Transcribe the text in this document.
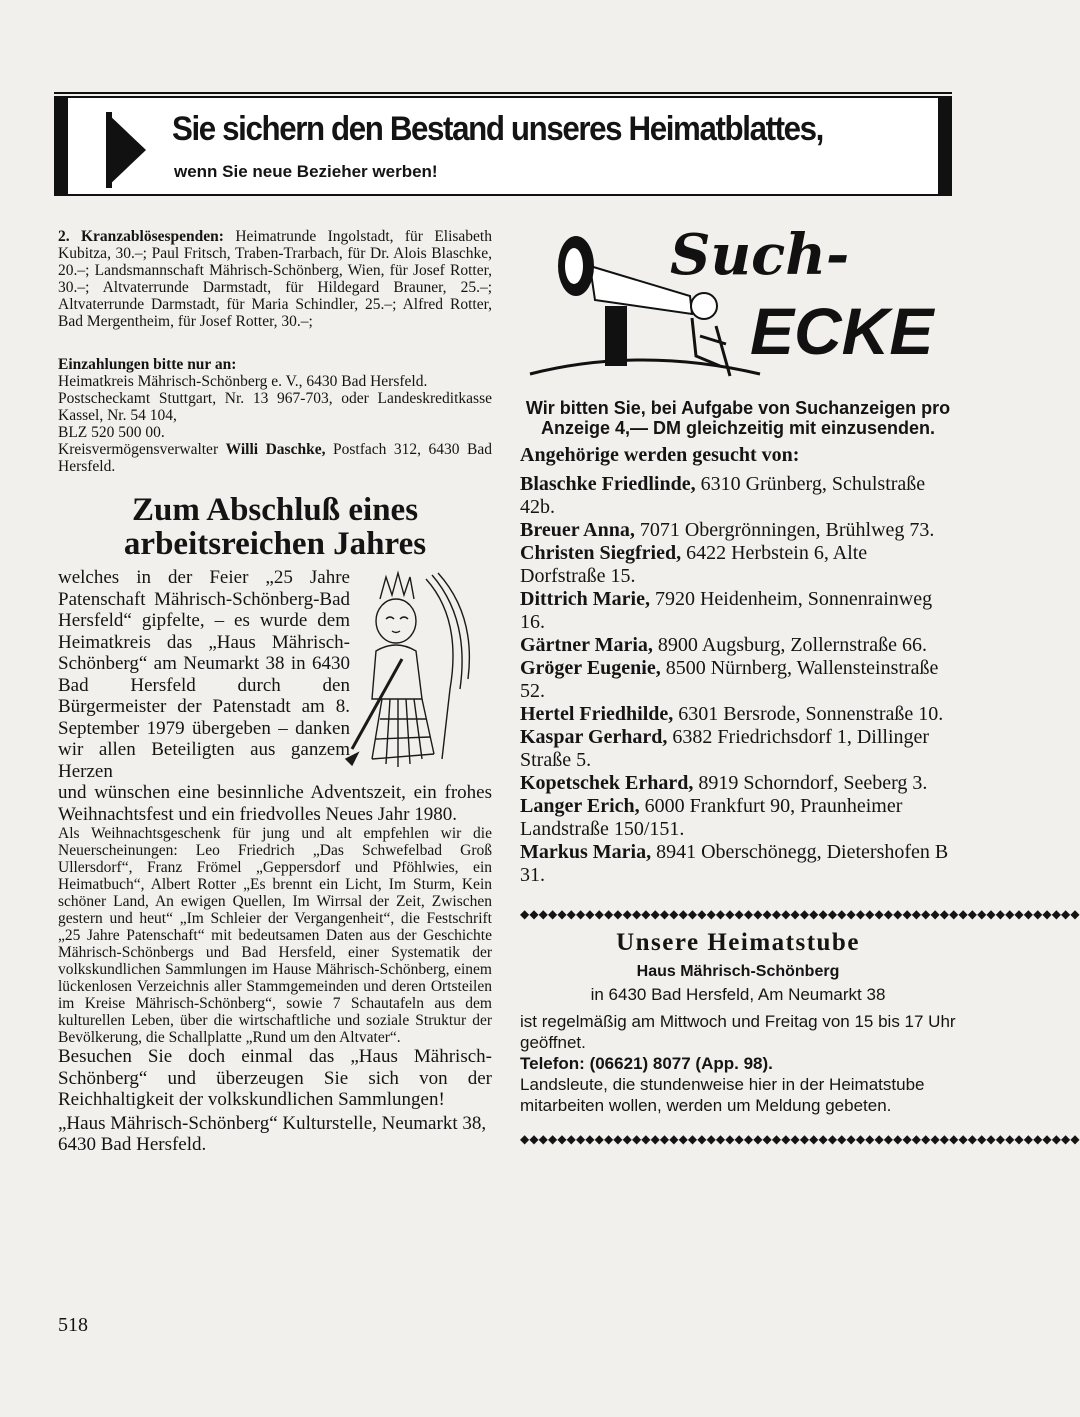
Sie sichern den Bestand unseres Heimatblattes,
wenn Sie neue Bezieher werben!

2. Kranzablösespenden: Heimatrunde Ingolstadt, für Elisabeth Kubitza, 30.–; Paul Fritsch, Traben-Trarbach, für Dr. Alois Blaschke, 20.–; Landsmannschaft Mährisch-Schönberg, Wien, für Josef Rotter, 30.–; Altvaterrunde Darmstadt, für Hildegard Brauner, 25.–; Altvaterrunde Darmstadt, für Maria Schindler, 25.–; Alfred Rotter, Bad Mergentheim, für Josef Rotter, 30.–;

Einzahlungen bitte nur an:
Heimatkreis Mährisch-Schönberg e. V., 6430 Bad Hersfeld.
Postscheckamt Stuttgart, Nr. 13 967-703, oder Landeskreditkasse Kassel, Nr. 54 104,
BLZ 520 500 00.
Kreisvermögensverwalter Willi Daschke, Postfach 312, 6430 Bad Hersfeld.
Zum Abschluß eines
arbeitsreichen Jahres

welches in der Feier „25 Jahre Patenschaft Mährisch-Schönberg-Bad Hersfeld“ gipfelte, – es wurde dem Heimatkreis das „Haus Mährisch-Schönberg“ am Neumarkt 38 in 6430 Bad Hersfeld durch den Bürgermeister der Patenstadt am 8. September 1979 übergeben – danken wir allen Beteiligten aus ganzem Herzen

und wünschen eine besinnliche Adventszeit, ein frohes Weihnachtsfest und ein friedvolles Neues Jahr 1980.

Als Weihnachtsgeschenk für jung und alt empfehlen wir die Neuerscheinungen: Leo Friedrich „Das Schwefelbad Groß Ullersdorf“, Franz Frömel „Geppersdorf und Pföhlwies, ein Heimatbuch“, Albert Rotter „Es brennt ein Licht, Im Sturm, Kein schöner Land, An ewigen Quellen, Im Wirrsal der Zeit, Zwischen gestern und heut“ „Im Schleier der Vergangenheit“, die Festschrift „25 Jahre Patenschaft“ mit bedeutsamen Daten aus der Geschichte Mährisch-Schönbergs und Bad Hersfeld, einer Systematik der volkskundlichen Sammlungen im Hause Mährisch-Schönberg, einem lückenlosen Verzeichnis aller Stammgemeinden und deren Ortsteilen im Kreise Mährisch-Schönberg“, sowie 7 Schautafeln aus dem kulturellen Leben, über die wirtschaftliche und soziale Struktur der Bevölkerung, die Schallplatte „Rund um den Altvater“.

Besuchen Sie doch einmal das „Haus Mährisch-Schönberg“ und überzeugen Sie sich von der Reichhaltigkeit der volkskundlichen Sammlungen!

„Haus Mährisch-Schönberg“ Kulturstelle, Neumarkt 38, 6430 Bad Hersfeld.

518
Such-
ECKE

Wir bitten Sie, bei Aufgabe von Suchanzeigen pro Anzeige 4,— DM gleichzeitig mit einzusenden.

Angehörige werden gesucht von:

Blaschke Friedlinde, 6310 Grünberg, Schulstraße 42b.

Breuer Anna, 7071 Obergrönningen, Brühlweg 73.

Christen Siegfried, 6422 Herbstein 6, Alte Dorfstraße 15.

Dittrich Marie, 7920 Heidenheim, Sonnenrainweg 16.

Gärtner Maria, 8900 Augsburg, Zollernstraße 66.

Gröger Eugenie, 8500 Nürnberg, Wallensteinstraße 52.

Hertel Friedhilde, 6301 Bersrode, Sonnenstraße 10.

Kaspar Gerhard, 6382 Friedrichsdorf 1, Dillinger Straße 5.

Kopetschek Erhard, 8919 Schorndorf, Seeberg 3.

Langer Erich, 6000 Frankfurt 90, Praunheimer Landstraße 150/151.

Markus Maria, 8941 Oberschönegg, Dietershofen B 31.

◆◆◆◆◆◆◆◆◆◆◆◆◆◆◆◆◆◆◆◆◆◆◆◆◆◆◆◆◆◆◆◆◆◆◆◆◆◆◆◆◆◆◆◆◆◆◆◆◆◆◆◆◆◆◆◆◆◆◆◆
Unsere Heimatstube
Haus Mährisch-Schönberg
in 6430 Bad Hersfeld, Am Neumarkt 38
ist regelmäßig am Mittwoch und Freitag von 15 bis 17 Uhr geöffnet.
Telefon: (06621) 8077 (App. 98).
Landsleute, die stundenweise hier in der Heimatstube mitarbeiten wollen, werden um Meldung gebeten.
◆◆◆◆◆◆◆◆◆◆◆◆◆◆◆◆◆◆◆◆◆◆◆◆◆◆◆◆◆◆◆◆◆◆◆◆◆◆◆◆◆◆◆◆◆◆◆◆◆◆◆◆◆◆◆◆◆◆◆◆
